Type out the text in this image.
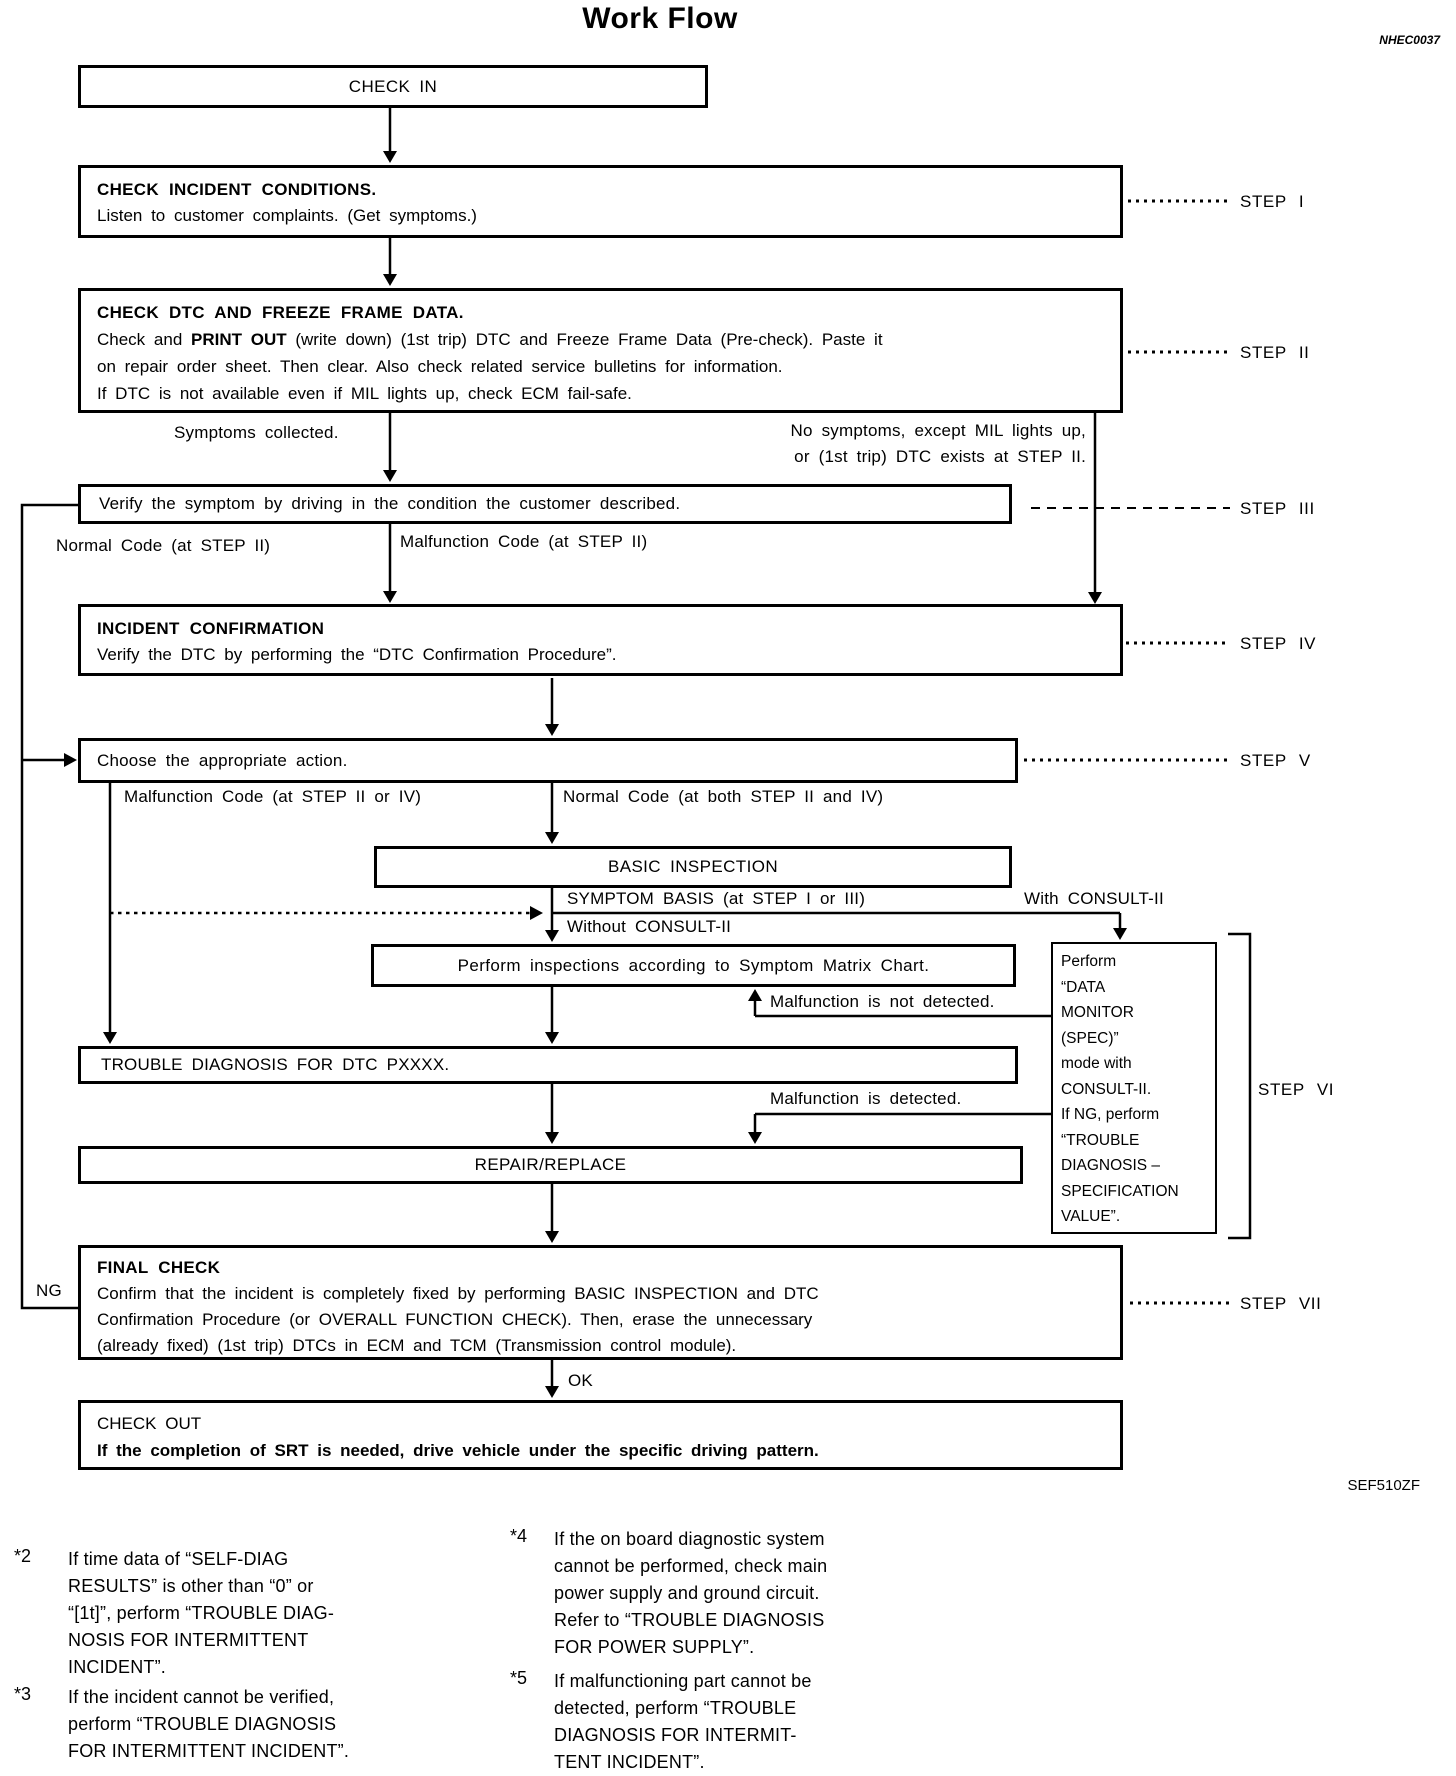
Work Flow
NHEC0037
CHECK IN
CHECK INCIDENT CONDITIONS.
Listen to customer complaints. (Get symptoms.)
STEP I
CHECK DTC AND FREEZE FRAME DATA.
Check and PRINT OUT (write down) (1st trip) DTC and Freeze Frame Data (Pre-check). Paste it
on repair order sheet. Then clear. Also check related service bulletins for information.
If DTC is not available even if MIL lights up, check ECM fail-safe.
STEP II
Symptoms collected.	No symptoms, except MIL lights up,
or (1st trip) DTC exists at STEP II.
Verify the symptom by driving in the condition the customer described.	STEP III
Normal Code (at STEP II)	Malfunction Code (at STEP II)
INCIDENT CONFIRMATION
Verify the DTC by performing the “DTC Confirmation Procedure”.
STEP IV
Choose the appropriate action.	STEP V
Malfunction Code (at STEP II or IV)	Normal Code (at both STEP II and IV)
BASIC INSPECTION
SYMPTOM BASIS (at STEP I or III)	With CONSULT-II
Without CONSULT-II
Perform inspections according to Symptom Matrix Chart.
Malfunction is not detected.
TROUBLE DIAGNOSIS FOR DTC PXXXX.
Malfunction is detected.
REPAIR/REPLACE
Perform
“DATA
MONITOR
(SPEC)”
mode with
CONSULT-II.
If NG, perform
“TROUBLE
DIAGNOSIS –
SPECIFICATION
VALUE”.
STEP VI
FINAL CHECK
Confirm that the incident is completely fixed by performing BASIC INSPECTION and DTC
Confirmation Procedure (or OVERALL FUNCTION CHECK). Then, erase the unnecessary
(already fixed) (1st trip) DTCs in ECM and TCM (Transmission control module).
STEP VII
NG
OK
CHECK OUT
If the completion of SRT is needed, drive vehicle under the specific driving pattern.
SEF510ZF
*2 If time data of “SELF-DIAG
RESULTS” is other than “0” or
“[1t]”, perform “TROUBLE DIAG-
NOSIS FOR INTERMITTENT
INCIDENT”.
*3 If the incident cannot be verified,
perform “TROUBLE DIAGNOSIS
FOR INTERMITTENT INCIDENT”.
*4 If the on board diagnostic system
cannot be performed, check main
power supply and ground circuit.
Refer to “TROUBLE DIAGNOSIS
FOR POWER SUPPLY”.
*5 If malfunctioning part cannot be
detected, perform “TROUBLE
DIAGNOSIS FOR INTERMIT-
TENT INCIDENT”.
